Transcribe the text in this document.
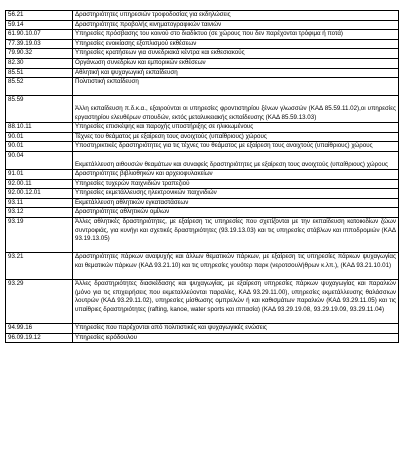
56.21	Δραστηριότητες υπηρεσιών τροφοδοσίας για εκδηλώσεις
59.14	Δραστηριότητες προβολής κινηματογραφικών ταινιών
61.90.10.07	Υπηρεσίες πρόσβασης του κοινού στο διαδίκτυο (σε χώρους που δεν παρέχονται τρόφιμα ή ποτά)
77.39.19.03	Υπηρεσίες ενοικίασης εξοπλισμού εκθέσεων
79.90.32	Υπηρεσίες κρατήσεων για συνεδριακά κέντρα και εκθεσιακούς
82.30	Οργάνωση συνεδρίων και εμπορικών εκθέσεων
85.51	Αθλητική και ψυχαγωγική εκπαίδευση
85.52	Πολιτιστική εκπαίδευση

85.59	Άλλη εκπαίδευση π.δ.κ.α., εξαιρούνται οι υπηρεσίες φροντιστηρίου ξένων γλωσσών (ΚΑΔ 85.59.11.02),οι υπηρεσίες εργαστηρίου ελευθέρων σπουδών, εκτός μεταλυκειακής εκπαίδευσης (ΚΑΔ 85.59.13.03)

88.10.11	Υπηρεσίες επισκέψης και παροχής υποστήριξης σε ηλικιωμένους
90.01	Τέχνες του θεάματος με εξαίρεση τους ανοιχτούς (υπαίθριους) χώρους
90.01	Υποστηρικτικές δραστηριότητες για τις τέχνες του θεάματος με εξαίρεση τους ανοιχτούς (υπαίθριους) χώρους

90.04	Εκμετάλλευση αιθουσών θεαμάτων και συναφείς δραστηριότητες με εξαίρεση τους ανοιχτούς (υπαίθριους) χώρους

91.01	Δραστηριότητες βιβλιοθηκών και αρχειοφυλακείων
92.00.11	Υπηρεσίες τυχερών παιχνιδιών τραπεζιού
92.00.12.01	Υπηρεσίες εκμετάλλευσης ηλεκτρονικών παιχνιδιών
93.11	Εκμετάλλευση αθλητικών εγκαταστάσεων
93.12	Δραστηριότητες αθλητικών ομίλων
93.19	Άλλες αθλητικές δραστηριότητες, με εξαίρεση τις υπηρεσίες που σχετίζονται με την εκπαίδευση κατοικιδίων ζώων συντροφιάς, για κυνήγι και σχετικές δραστηριότητες (93.19.13.03) και τις υπηρεσίες στάβλων και ιπποδρομιών (ΚΑΔ 93.19.13.05)

93.21	Δραστηριότητες πάρκων αναψυχής και άλλων θεματικών πάρκων, με εξαίρεση τις υπηρεσίες πάρκων ψυχαγωγίας και θεματικών πάρκων (ΚΑΔ 93.21.10) και τις υπηρεσίες γουότερ παρκ (νεροτσουλήθρων κ.λπ.), (ΚΑΔ 93.21.10.01)

93.29	Άλλες δραστηριότητες διασκέδασης και ψυχαγωγίας, με εξαίρεση υπηρεσίες πάρκων ψυχαγωγίας και παραλιών (μόνο για τις επιχειρήσεις που εκμεταλλεύονται παραλίες, ΚΑΔ 93.29.11.00), υπηρεσίες εκμετάλλευσης θαλάσσιων λουτρών (ΚΑΔ 93.29.11.02), υπηρεσίες μίσθωσης ομπρελών ή και καθισμάτων παραλιών (ΚΑΔ 93.29.11.05) και τις υπαίθριες δραστηριότητες (rafting, kanoe, water sports και ιππασία) (ΚΑΔ 93.29.19.08, 93.29.19.09, 93.29.11.04)

94.99.16	Υπηρεσίες που παρέχονται από πολιτιστικές και ψυχαγωγικές ενώσεις
96.09.19.12	Υπηρεσίες ιερόδουλου
